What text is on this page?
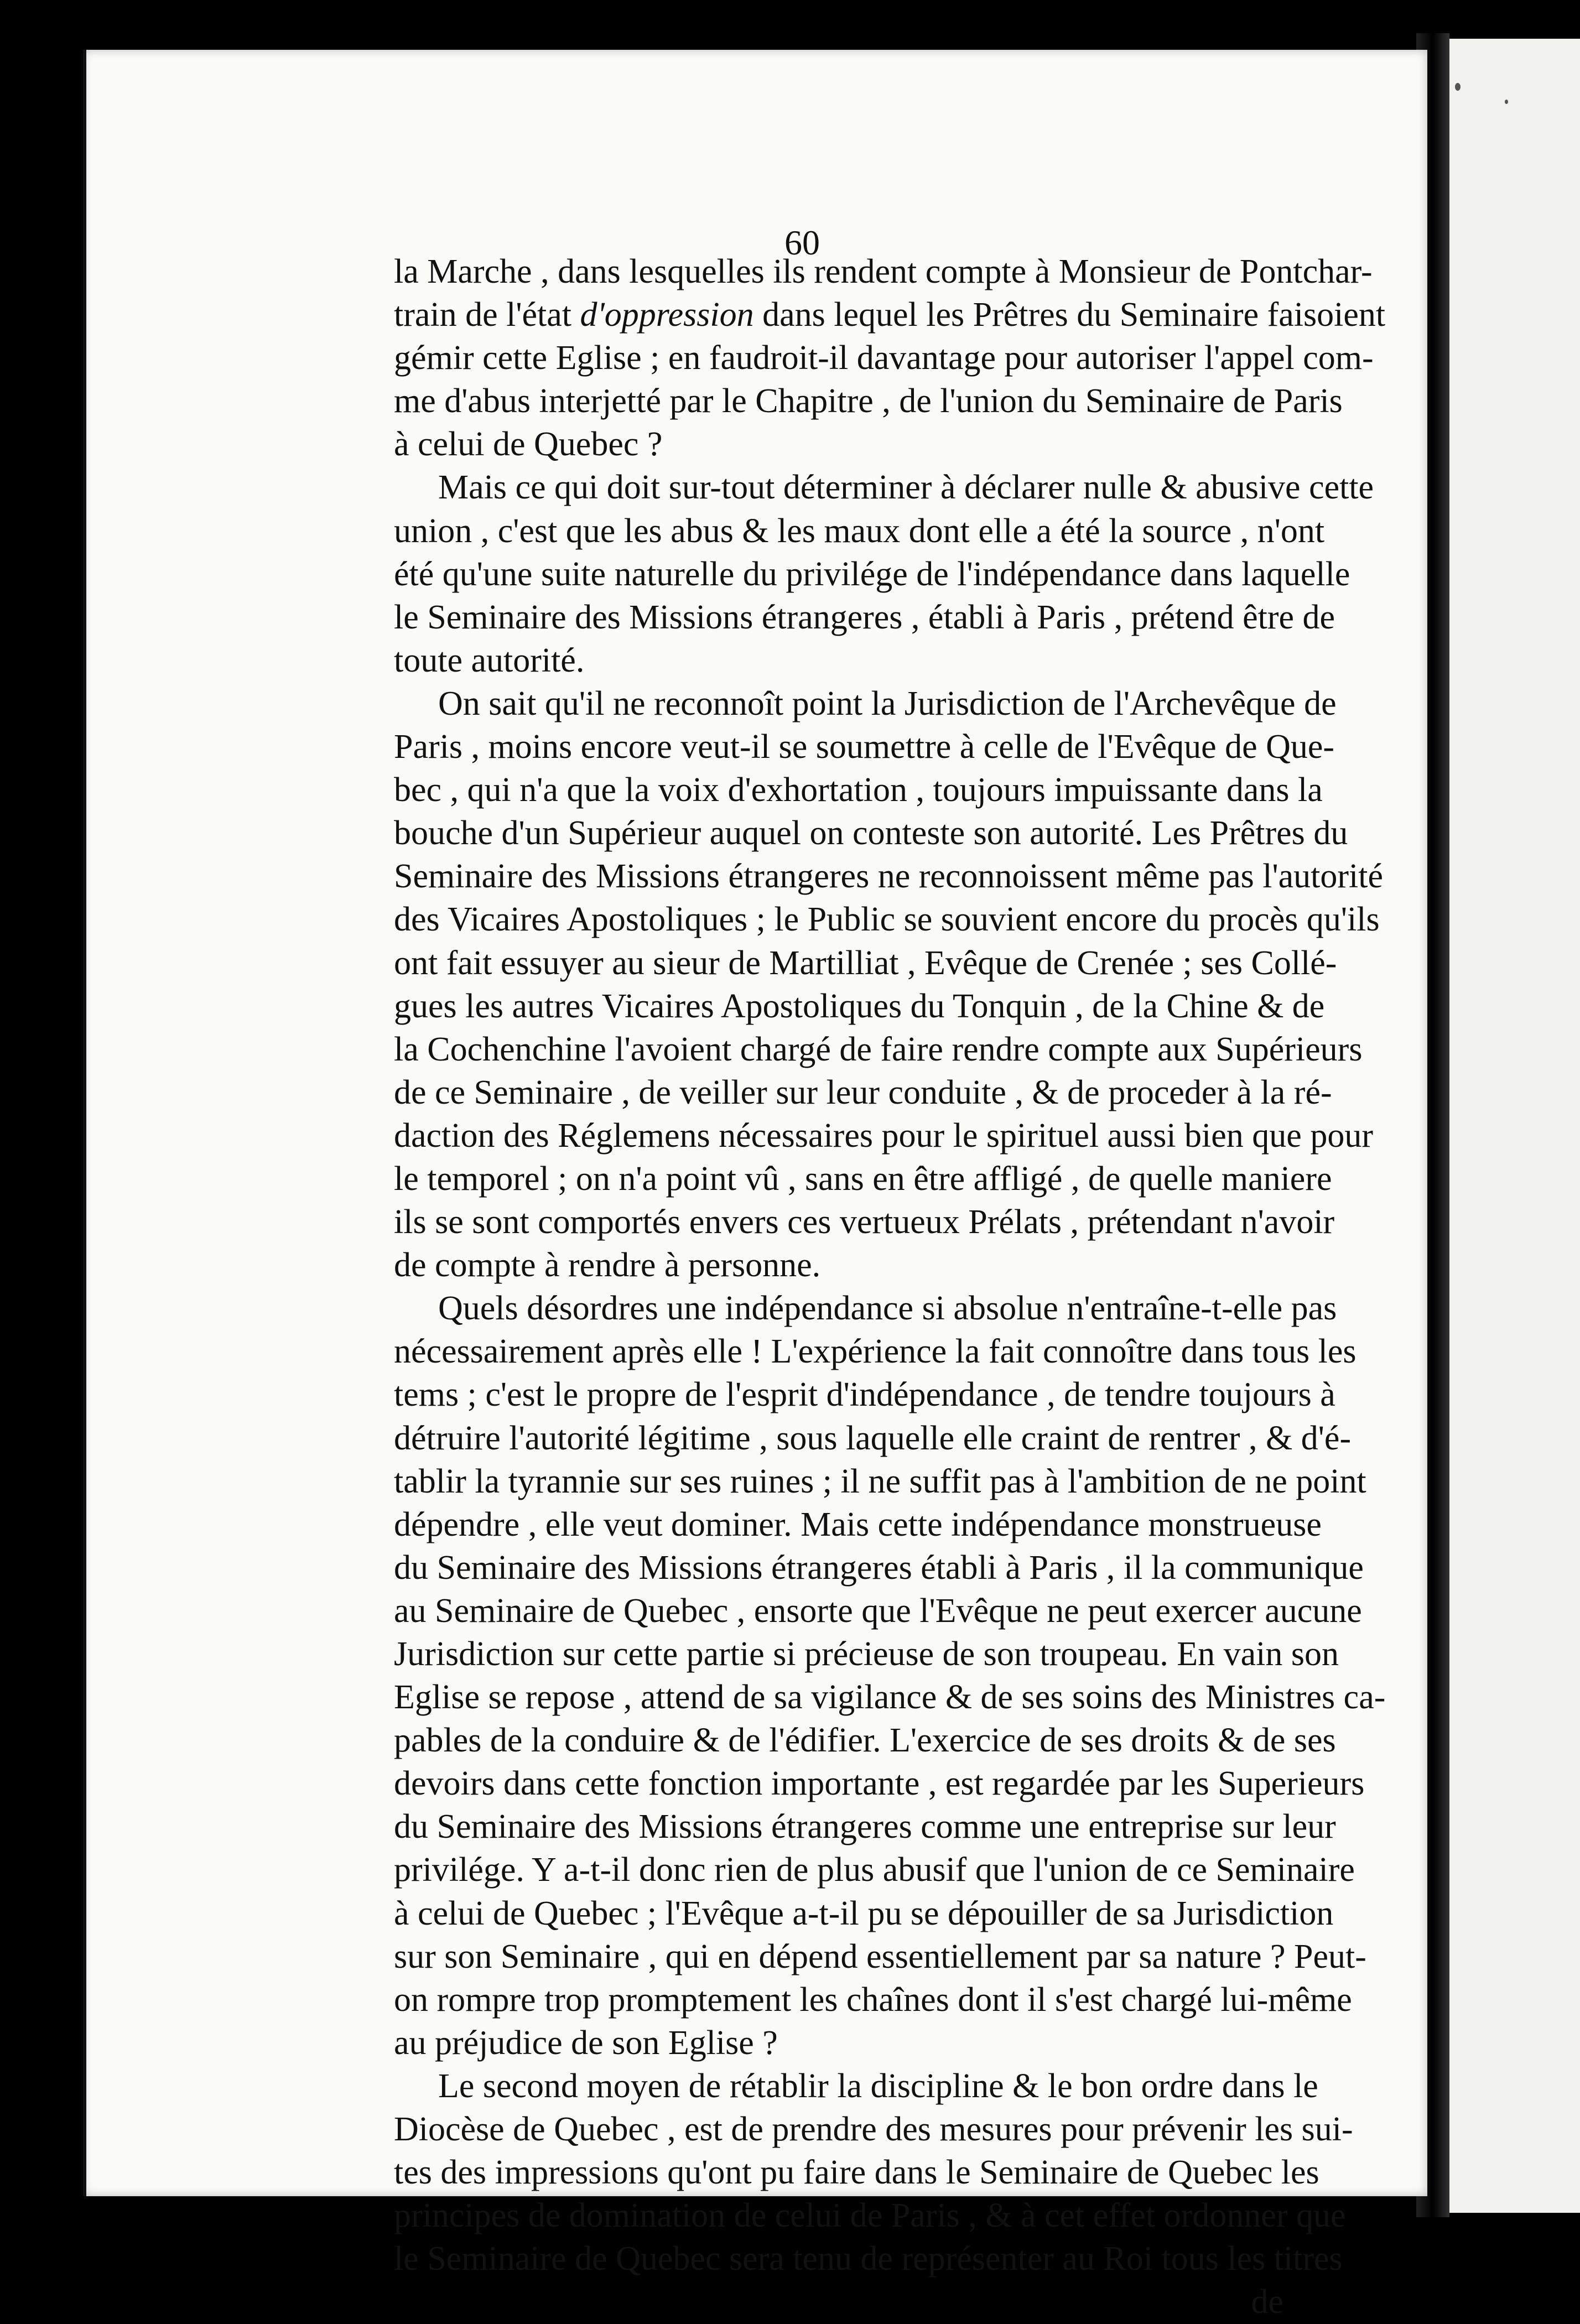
60
la Marche , dans lesquelles ils rendent compte à Monsieur de Pontchar-
train de l'état d'oppression dans lequel les Prêtres du Seminaire faisoient
gémir cette Eglise ; en faudroit-il davantage pour autoriser l'appel com-
me d'abus interjetté par le Chapitre , de l'union du Seminaire de Paris
à celui de Quebec ?
Mais ce qui doit sur-tout déterminer à déclarer nulle & abusive cette
union , c'est que les abus & les maux dont elle a été la source , n'ont
été qu'une suite naturelle du privilége de l'indépendance dans laquelle
le Seminaire des Missions étrangeres , établi à Paris , prétend être de
toute autorité.
On sait qu'il ne reconnoît point la Jurisdiction de l'Archevêque de
Paris , moins encore veut-il se soumettre à celle de l'Evêque de Que-
bec , qui n'a que la voix d'exhortation , toujours impuissante dans la
bouche d'un Supérieur auquel on conteste son autorité. Les Prêtres du
Seminaire des Missions étrangeres ne reconnoissent même pas l'autorité
des Vicaires Apostoliques ; le Public se souvient encore du procès qu'ils
ont fait essuyer au sieur de Martilliat , Evêque de Crenée ; ses Collé-
gues les autres Vicaires Apostoliques du Tonquin , de la Chine & de
la Cochenchine l'avoient chargé de faire rendre compte aux Supérieurs
de ce Seminaire , de veiller sur leur conduite , & de proceder à la ré-
daction des Réglemens nécessaires pour le spirituel aussi bien que pour
le temporel ; on n'a point vû , sans en être affligé , de quelle maniere
ils se sont comportés envers ces vertueux Prélats , prétendant n'avoir
de compte à rendre à personne.
Quels désordres une indépendance si absolue n'entraîne-t-elle pas
nécessairement après elle ! L'expérience la fait connoître dans tous les
tems ; c'est le propre de l'esprit d'indépendance , de tendre toujours à
détruire l'autorité légitime , sous laquelle elle craint de rentrer , & d'é-
tablir la tyrannie sur ses ruines ; il ne suffit pas à l'ambition de ne point
dépendre , elle veut dominer. Mais cette indépendance monstrueuse
du Seminaire des Missions étrangeres établi à Paris , il la communique
au Seminaire de Quebec , ensorte que l'Evêque ne peut exercer aucune
Jurisdiction sur cette partie si précieuse de son troupeau. En vain son
Eglise se repose , attend de sa vigilance & de ses soins des Ministres ca-
pables de la conduire & de l'édifier. L'exercice de ses droits & de ses
devoirs dans cette fonction importante , est regardée par les Superieurs
du Seminaire des Missions étrangeres comme une entreprise sur leur
privilége. Y a-t-il donc rien de plus abusif que l'union de ce Seminaire
à celui de Quebec ; l'Evêque a-t-il pu se dépouiller de sa Jurisdiction
sur son Seminaire , qui en dépend essentiellement par sa nature ? Peut-
on rompre trop promptement les chaînes dont il s'est chargé lui-même
au préjudice de son Eglise ?
Le second moyen de rétablir la discipline & le bon ordre dans le
Diocèse de Quebec , est de prendre des mesures pour prévenir les sui-
tes des impressions qu'ont pu faire dans le Seminaire de Quebec les
principes de domination de celui de Paris , & à cet effet ordonner que
le Seminaire de Quebec sera tenu de représenter au Roi tous les titres
de
